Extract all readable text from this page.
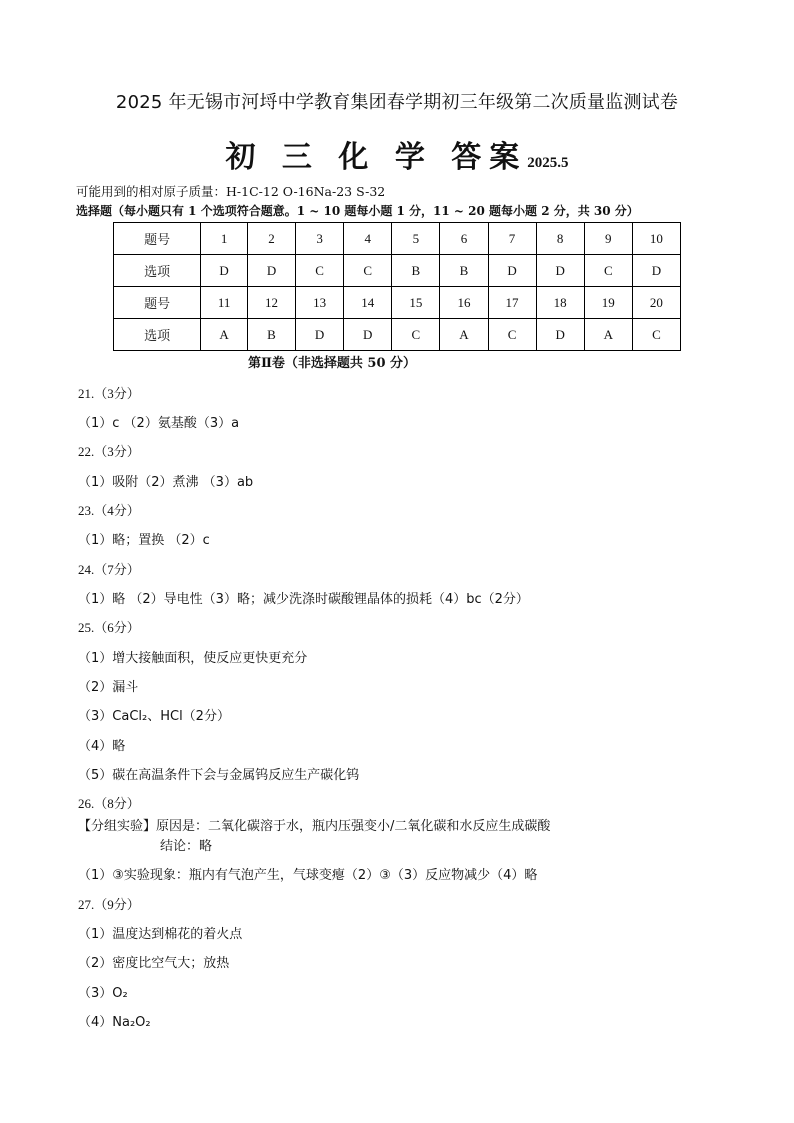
2025 年无锡市河埒中学教育集团春学期初三年级第二次质量监测试卷
初 三 化 学 答案2025.5
可能用到的相对原子质量：H-1C-12 O-16Na-23 S-32
选择题（每小题只有 1 个选项符合题意。1 ~ 10 题每小题 1 分，11 ~ 20 题每小题 2 分，共 30 分）
题号	1	2	3	4	5	6	7	8	9	10
选项	D	D	C	C	B	B	D	D	C	D
题号	11	12	13	14	15	16	17	18	19	20
选项	A	B	D	D	C	A	C	D	A	C
第Ⅱ卷（非选择题共 50 分）
21.（3分）
（1）c （2）氨基酸（3）a
22.（3分）
（1）吸附（2）煮沸 （3）ab
23.（4分）
（1）略；置换 （2）c
24.（7分）
（1）略 （2）导电性（3）略；减少洗涤时碳酸锂晶体的损耗（4）bc（2分）
25.（6分）
（1）增大接触面积，使反应更快更充分
（2）漏斗
（3）CaCl₂、HCl（2分）
（4）略
（5）碳在高温条件下会与金属钨反应生产碳化钨
26.（8分）
【分组实验】原因是：二氧化碳溶于水，瓶内压强变小/二氧化碳和水反应生成碳酸
结论：略
（1）③实验现象：瓶内有气泡产生，气球变瘪（2）③（3）反应物减少（4）略
27.（9分）
（1）温度达到棉花的着火点
（2）密度比空气大；放热
（3）O₂
（4）Na₂O₂
